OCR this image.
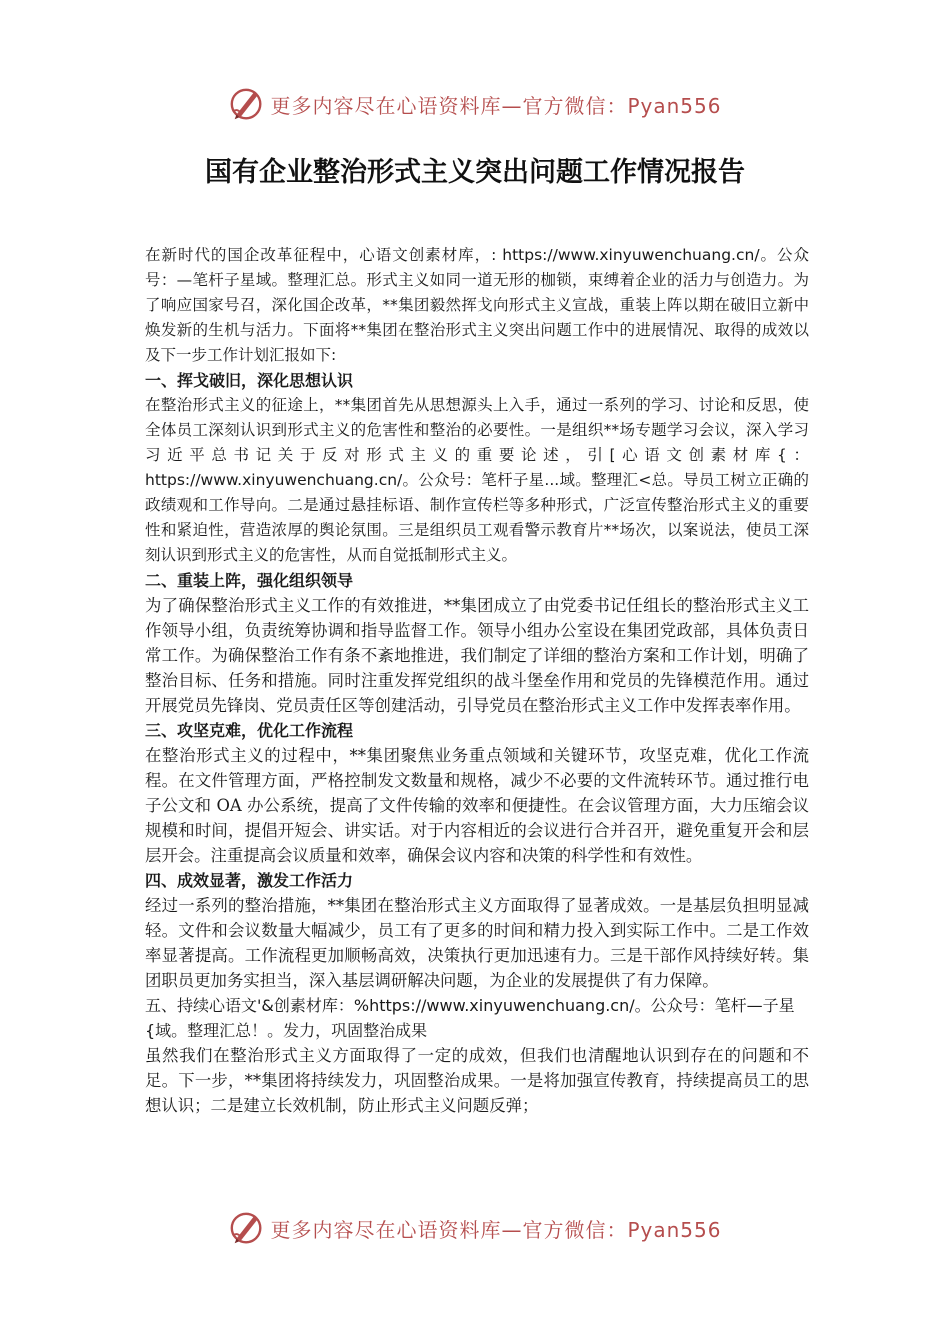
更多内容尽在心语资料库—官方微信：Pyan556
国有企业整治形式主义突出问题工作情况报告

在新时代的国企改革征程中，心语文创素材库，: https://www.xinyuwenchuang.cn/。公众号：—笔杆子星域。整理汇总。形式主义如同一道无形的枷锁，束缚着企业的活力与创造力。为了响应国家号召，深化国企改革，**集团毅然挥戈向形式主义宣战，重装上阵以期在破旧立新中焕发新的生机与活力。下面将**集团在整治形式主义突出问题工作中的进展情况、取得的成效以及下一步工作计划汇报如下:

一、挥戈破旧，深化思想认识

在整治形式主义的征途上，**集团首先从思想源头上入手，通过一系列的学习、讨论和反思，使全体员工深刻认识到形式主义的危害性和整治的必要性。一是组织**场专题学习会议，深入学习习近平总书记关于反对形式主义的重要论述，引[心语文创素材库{：https://www.xinyuwenchuang.cn/。公众号：笔杆子星...域。整理汇<总。导员工树立正确的政绩观和工作导向。二是通过悬挂标语、制作宣传栏等多种形式，广泛宣传整治形式主义的重要性和紧迫性，营造浓厚的舆论氛围。三是组织员工观看警示教育片**场次，以案说法，使员工深刻认识到形式主义的危害性，从而自觉抵制形式主义。

二、重装上阵，强化组织领导

为了确保整治形式主义工作的有效推进，**集团成立了由党委书记任组长的整治形式主义工作领导小组，负责统筹协调和指导监督工作。领导小组办公室设在集团党政部，具体负责日常工作。为确保整治工作有条不紊地推进，我们制定了详细的整治方案和工作计划，明确了整治目标、任务和措施。同时注重发挥党组织的战斗堡垒作用和党员的先锋模范作用。通过开展党员先锋岗、党员责任区等创建活动，引导党员在整治形式主义工作中发挥表率作用。

三、攻坚克难，优化工作流程

在整治形式主义的过程中，**集团聚焦业务重点领域和关键环节，攻坚克难，优化工作流程。在文件管理方面，严格控制发文数量和规格，减少不必要的文件流转环节。通过推行电子公文和 OA 办公系统，提高了文件传输的效率和便捷性。在会议管理方面，大力压缩会议规模和时间，提倡开短会、讲实话。对于内容相近的会议进行合并召开，避免重复开会和层层开会。注重提高会议质量和效率，确保会议内容和决策的科学性和有效性。

四、成效显著，激发工作活力

经过一系列的整治措施，**集团在整治形式主义方面取得了显著成效。一是基层负担明显减轻。文件和会议数量大幅减少，员工有了更多的时间和精力投入到实际工作中。二是工作效率显著提高。工作流程更加顺畅高效，决策执行更加迅速有力。三是干部作风持续好转。集团职员更加务实担当，深入基层调研解决问题，为企业的发展提供了有力保障。

五、持续心语文'&创素材库：%https://www.xinyuwenchuang.cn/。公众号：笔杆—子星{域。整理汇总！。发力，巩固整治成果

虽然我们在整治形式主义方面取得了一定的成效，但我们也清醒地认识到存在的问题和不足。下一步，**集团将持续发力，巩固整治成果。一是将加强宣传教育，持续提高员工的思想认识；二是建立长效机制，防止形式主义问题反弹；

更多内容尽在心语资料库—官方微信：Pyan556
